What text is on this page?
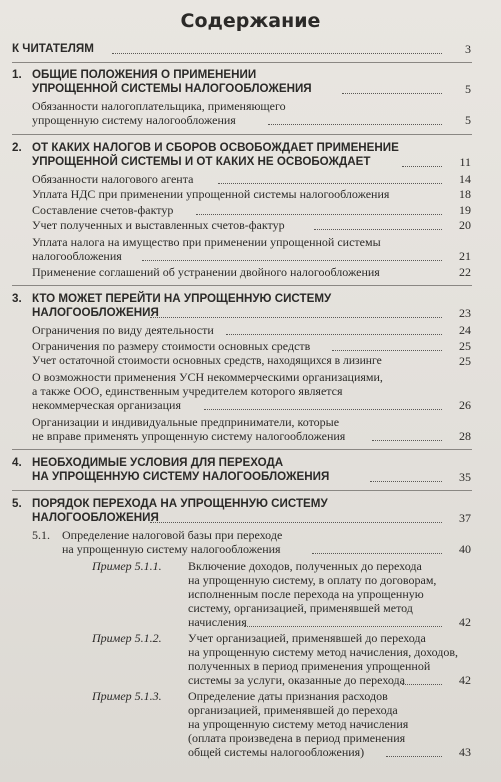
Содержание
К ЧИТАТЕЛЯМ	3
1. ОБЩИЕ ПОЛОЖЕНИЯ О ПРИМЕНЕНИИ
УПРОЩЕННОЙ СИСТЕМЫ НАЛОГООБЛОЖЕНИЯ	5
Обязанности налогоплательщика, применяющего
упрощенную систему налогообложения	5
2. ОТ КАКИХ НАЛОГОВ И СБОРОВ ОСВОБОЖДАЕТ ПРИМЕНЕНИЕ
УПРОЩЕННОЙ СИСТЕМЫ И ОТ КАКИХ НЕ ОСВОБОЖДАЕТ	11
Обязанности налогового агента	14
Уплата НДС при применении упрощенной системы налогообложения	18
Составление счетов-фактур	19
Учет полученных и выставленных счетов-фактур	20
Уплата налога на имущество при применении упрощенной системы
налогообложения	21
Применение соглашений об устранении двойного налогообложения	22
3. КТО МОЖЕТ ПЕРЕЙТИ НА УПРОЩЕННУЮ СИСТЕМУ
НАЛОГООБЛОЖЕНИЯ	23
Ограничения по виду деятельности	24
Ограничения по размеру стоимости основных средств	25
Учет остаточной стоимости основных средств, находящихся в лизинге	25
О возможности применения УСН некоммерческими организациями,
а также ООО, единственным учредителем которого является
некоммерческая организация	26
Организации и индивидуальные предприниматели, которые
не вправе применять упрощенную систему налогообложения	28
4. НЕОБХОДИМЫЕ УСЛОВИЯ ДЛЯ ПЕРЕХОДА
НА УПРОЩЕННУЮ СИСТЕМУ НАЛОГООБЛОЖЕНИЯ	35
5. ПОРЯДОК ПЕРЕХОДА НА УПРОЩЕННУЮ СИСТЕМУ
НАЛОГООБЛОЖЕНИЯ	37
5.1. Определение налоговой базы при переходе
на упрощенную систему налогообложения	40
Пример 5.1.1. Включение доходов, полученных до перехода
на упрощенную систему, в оплату по договорам,
исполненным после перехода на упрощенную
систему, организацией, применявшей метод
начисления	42
Пример 5.1.2. Учет организацией, применявшей до перехода
на упрощенную систему метод начисления, доходов,
полученных в период применения упрощенной
системы за услуги, оказанные до перехода	42
Пример 5.1.3. Определение даты признания расходов
организацией, применявшей до перехода
на упрощенную систему метод начисления
(оплата произведена в период применения
общей системы налогообложения)	43
